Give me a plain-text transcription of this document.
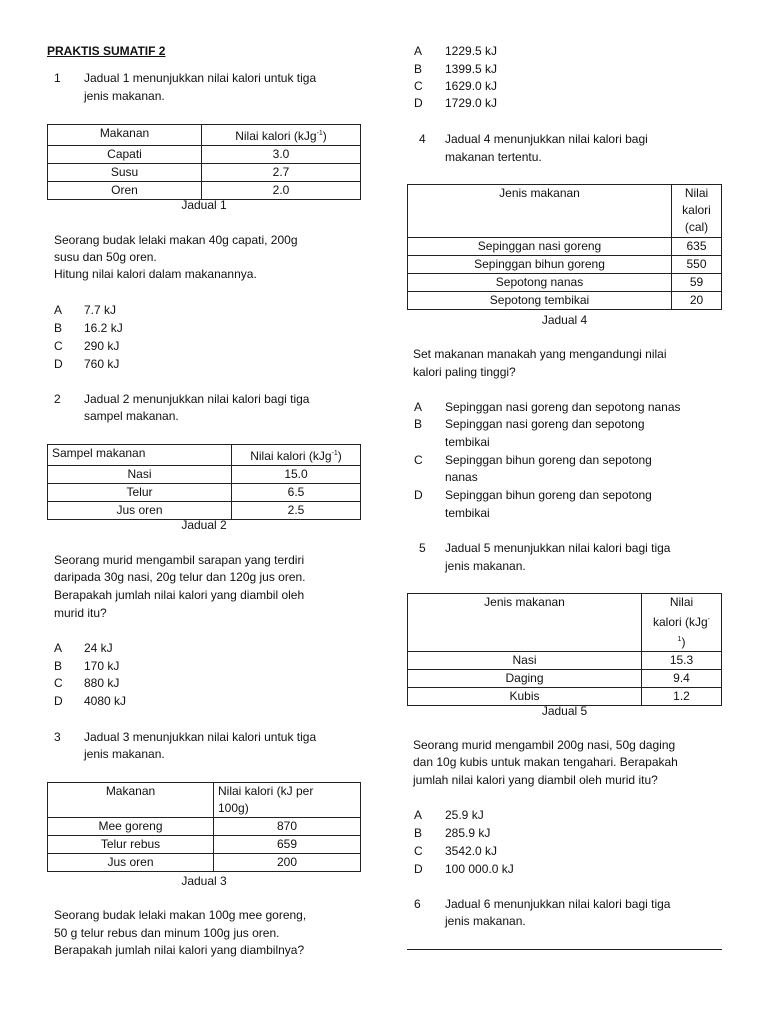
PRAKTIS SUMATIF 2
1 Jadual 1 menunjukkan nilai kalori untuk tiga
jenis makanan.
Makanan	Nilai kalori (kJg$^{-1}$)
Capati	3.0
Susu	2.7
Oren	2.0
Jadual 1
Seorang budak lelaki makan 40g capati, 200g
susu dan 50g oren.
Hitung nilai kalori dalam makanannya.
A 7.7 kJ
B 16.2 kJ
C 290 kJ
D 760 kJ
2 Jadual 2 menunjukkan nilai kalori bagi tiga
sampel makanan.
Sampel makanan	Nilai kalori (kJg$^{-1}$)
Nasi	15.0
Telur	6.5
Jus oren	2.5
Jadual 2
Seorang murid mengambil sarapan yang terdiri
daripada 30g nasi, 20g telur dan 120g jus oren.
Berapakah jumlah nilai kalori yang diambil oleh
murid itu?
A 24 kJ
B 170 kJ
C 880 kJ
D 4080 kJ
3 Jadual 3 menunjukkan nilai kalori untuk tiga
jenis makanan.
Makanan	Nilai kalori (kJ per
100g)

Mee goreng	870
Telur rebus	659
Jus oren	200
Jadual 3
Seorang budak lelaki makan 100g mee goreng,
50 g telur rebus dan minum 100g jus oren.
Berapakah jumlah nilai kalori yang diambilnya?
A 1229.5 kJ
B 1399.5 kJ
C 1629.0 kJ
D 1729.0 kJ
4 Jadual 4 menunjukkan nilai kalori bagi
makanan tertentu.
Jenis makanan	Nilai
kalori
(cal)

Sepinggan nasi goreng	635
Sepinggan bihun goreng	550
Sepotong nanas	59
Sepotong tembikai	20
Jadual 4
Set makanan manakah yang mengandungi nilai
kalori paling tinggi?
A Sepinggan nasi goreng dan sepotong nanas
B Sepinggan nasi goreng dan sepotong
tembikai
C Sepinggan bihun goreng dan sepotong
nanas
D Sepinggan bihun goreng dan sepotong
tembikai
5 Jadual 5 menunjukkan nilai kalori bagi tiga
jenis makanan.
Jenis makanan	Nilai
kalori (kJg-
$^1$)

Nasi	15.3
Daging	9.4
Kubis	1.2
Jadual 5
Seorang murid mengambil 200g nasi, 50g daging
dan 10g kubis untuk makan tengahari. Berapakah
jumlah nilai kalori yang diambil oleh murid itu?
A 25.9 kJ
B 285.9 kJ
C 3542.0 kJ
D 100 000.0 kJ
6 Jadual 6 menunjukkan nilai kalori bagi tiga
jenis makanan.
